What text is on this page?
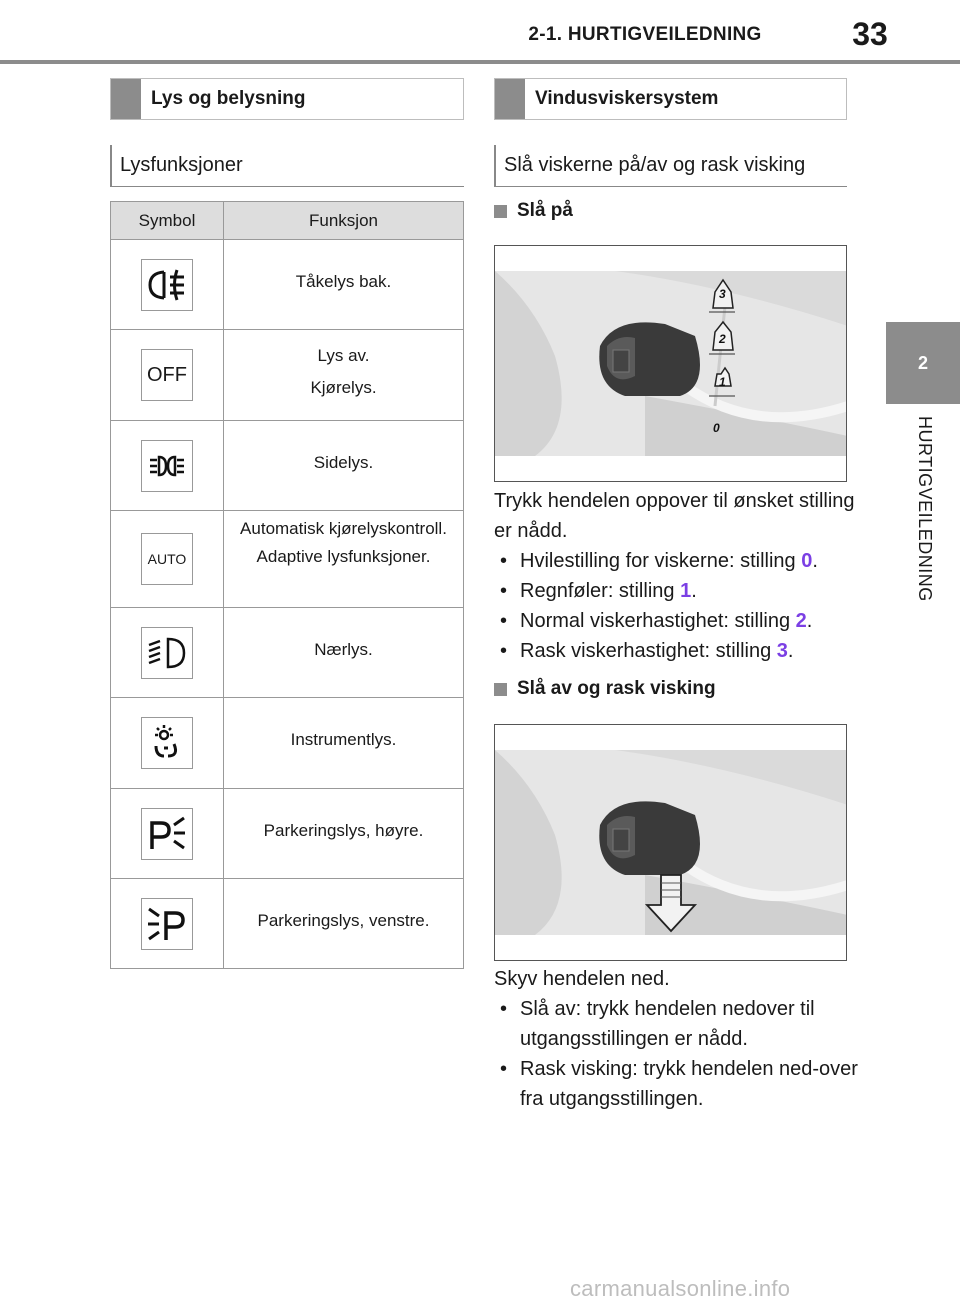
2-1. HURTIGVEILEDNING	33
2
HURTIGVEILEDNING
Lys og belysning
Lysfunksjoner
Symbol	Funksjon

Tåkelys bak.

OFF	Lys av.

Kjørelys.

Sidelys.

AUTO	Automatisk kjørelyskontroll.

Adaptive lysfunksjoner.

Nærlys.

Instrumentlys.

Parkeringslys, høyre.

Parkeringslys, venstre.

Vindusviskersystem
Slå viskerne på/av og rask visking
Slå på
3
2
1
0
Trykk hendelen oppover til ønsket stilling er nådd.
• Hvilestilling for viskerne: stilling 0.
• Regnføler: stilling 1.
• Normal viskerhastighet: stilling 2.
• Rask viskerhastighet: stilling 3.
Slå av og rask visking
Skyv hendelen ned.
• Slå av: trykk hendelen nedover til utgangsstillingen er nådd.
• Rask visking: trykk hendelen ned-over fra utgangsstillingen.
carmanualsonline.info
